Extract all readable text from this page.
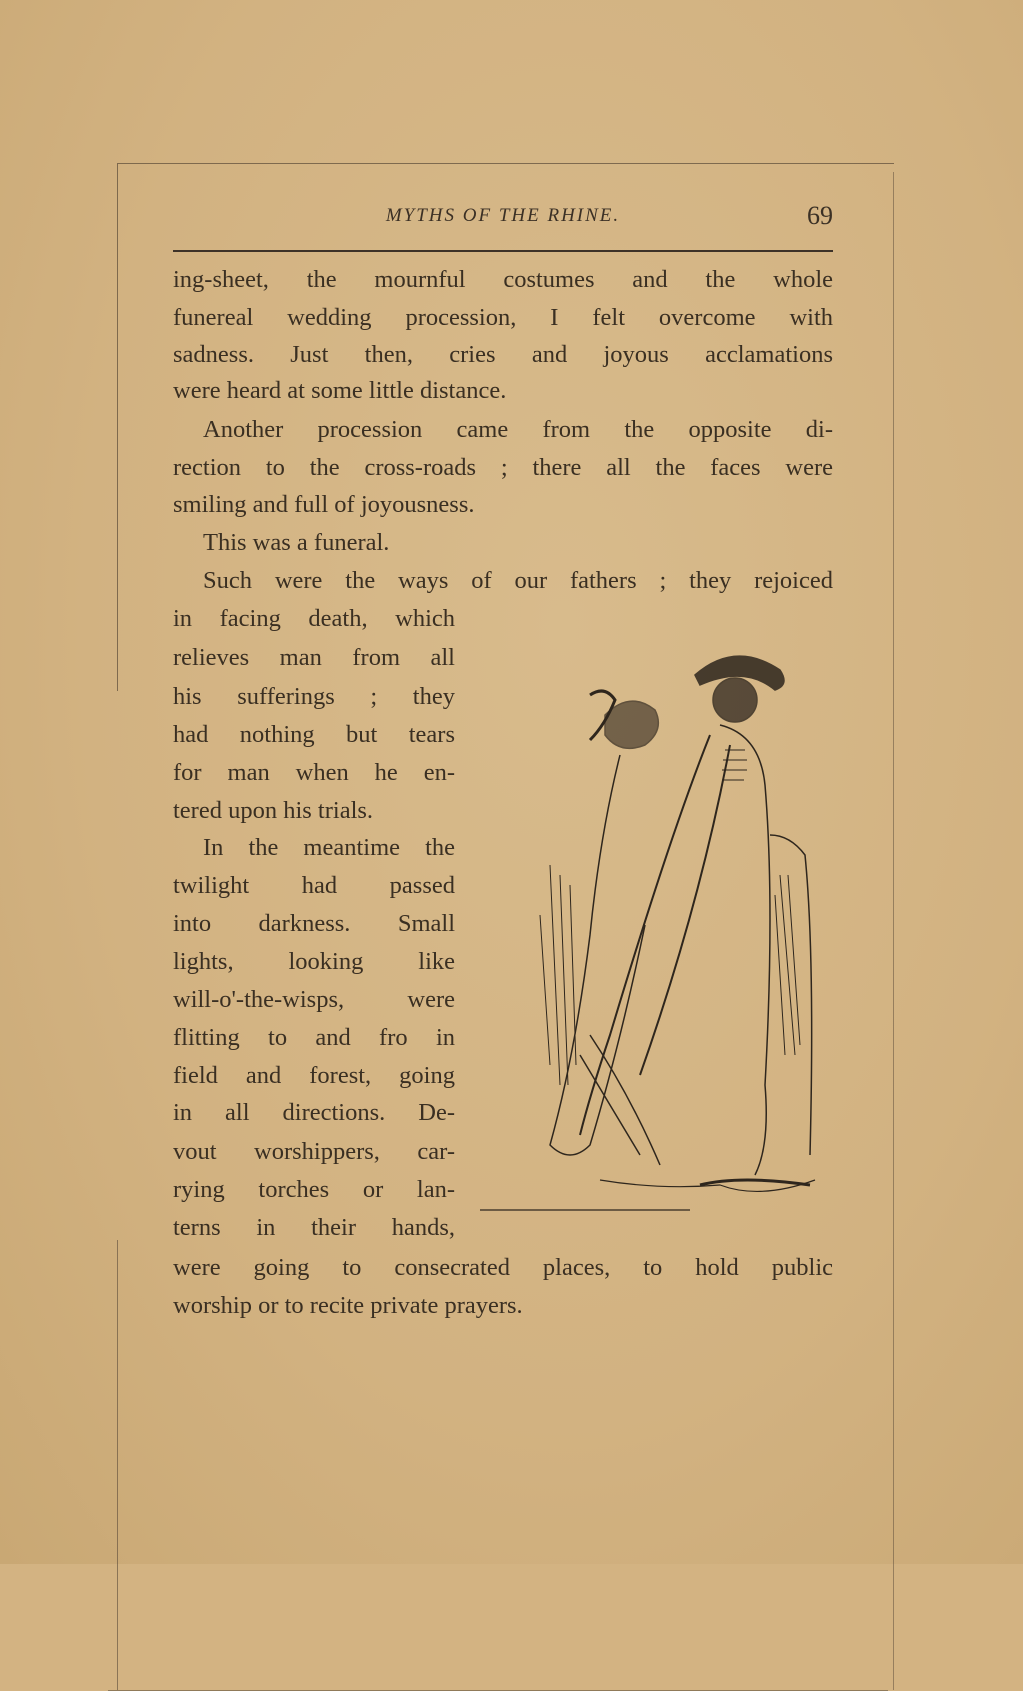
MYTHS OF THE RHINE.	69
ing-sheet, the mournful costumes and the whole
funereal wedding procession, I felt overcome with
sadness. Just then, cries and joyous acclamations
were heard at some little distance.
Another procession came from the opposite di-
rection to the cross-roads ; there all the faces were
smiling and full of joyousness.
This was a funeral.
Such were the ways of our fathers ; they rejoiced
in facing death, which
relieves man from all
his sufferings ; they
had nothing but tears
for man when he en-
tered upon his trials.
In the meantime the
twilight had passed
into darkness. Small
lights, looking like
will-o'-the-wisps, were
flitting to and fro in
field and forest, going
in all directions. De-
vout worshippers, car-
rying torches or lan-
terns in their hands,
were going to consecrated places, to hold public
worship or to recite private prayers.
